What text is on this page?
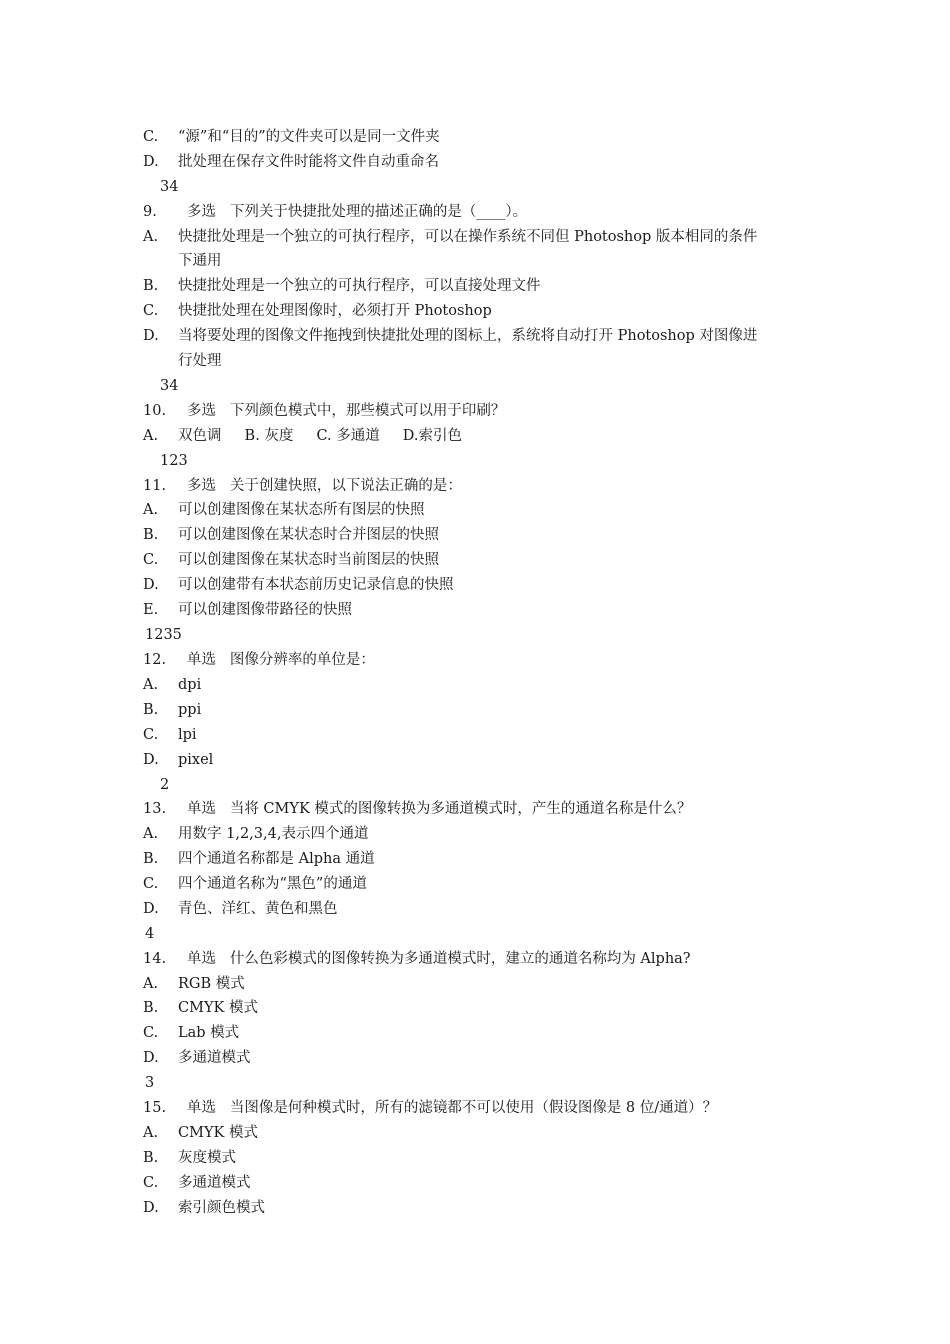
C. “源”和“目的”的文件夹可以是同一文件夹
D. 批处理在保存文件时能将文件自动重命名
34
9. 多选   下列关于快捷批处理的描述正确的是（____）。
A. 快捷批处理是一个独立的可执行程序，可以在操作系统不同但 Photoshop 版本相同的条件
下通用
B. 快捷批处理是一个独立的可执行程序，可以直接处理文件
C. 快捷批处理在处理图像时，必须打开 Photoshop
D. 当将要处理的图像文件拖拽到快捷批处理的图标上，系统将自动打开 Photoshop 对图像进
行处理
34
10. 多选   下列颜色模式中，那些模式可以用于印刷？
A. 双色调     B. 灰度     C. 多通道     D.索引色
123
11. 多选   关于创建快照，以下说法正确的是：
A. 可以创建图像在某状态所有图层的快照
B. 可以创建图像在某状态时合并图层的快照
C. 可以创建图像在某状态时当前图层的快照
D. 可以创建带有本状态前历史记录信息的快照
E. 可以创建图像带路径的快照
1235
12. 单选   图像分辨率的单位是：
A. dpi
B. ppi
C. lpi
D. pixel
2
13. 单选   当将 CMYK 模式的图像转换为多通道模式时，产生的通道名称是什么？
A. 用数字 1,2,3,4,表示四个通道
B. 四个通道名称都是 Alpha 通道
C. 四个通道名称为“黑色”的通道
D. 青色、洋红、黄色和黑色
4
14. 单选   什么色彩模式的图像转换为多通道模式时，建立的通道名称均为 Alpha?
A. RGB 模式
B. CMYK 模式
C. Lab 模式
D. 多通道模式
3
15. 单选   当图像是何种模式时，所有的滤镜都不可以使用（假设图像是 8 位/通道）？
A. CMYK 模式
B. 灰度模式
C. 多通道模式
D. 索引颜色模式
